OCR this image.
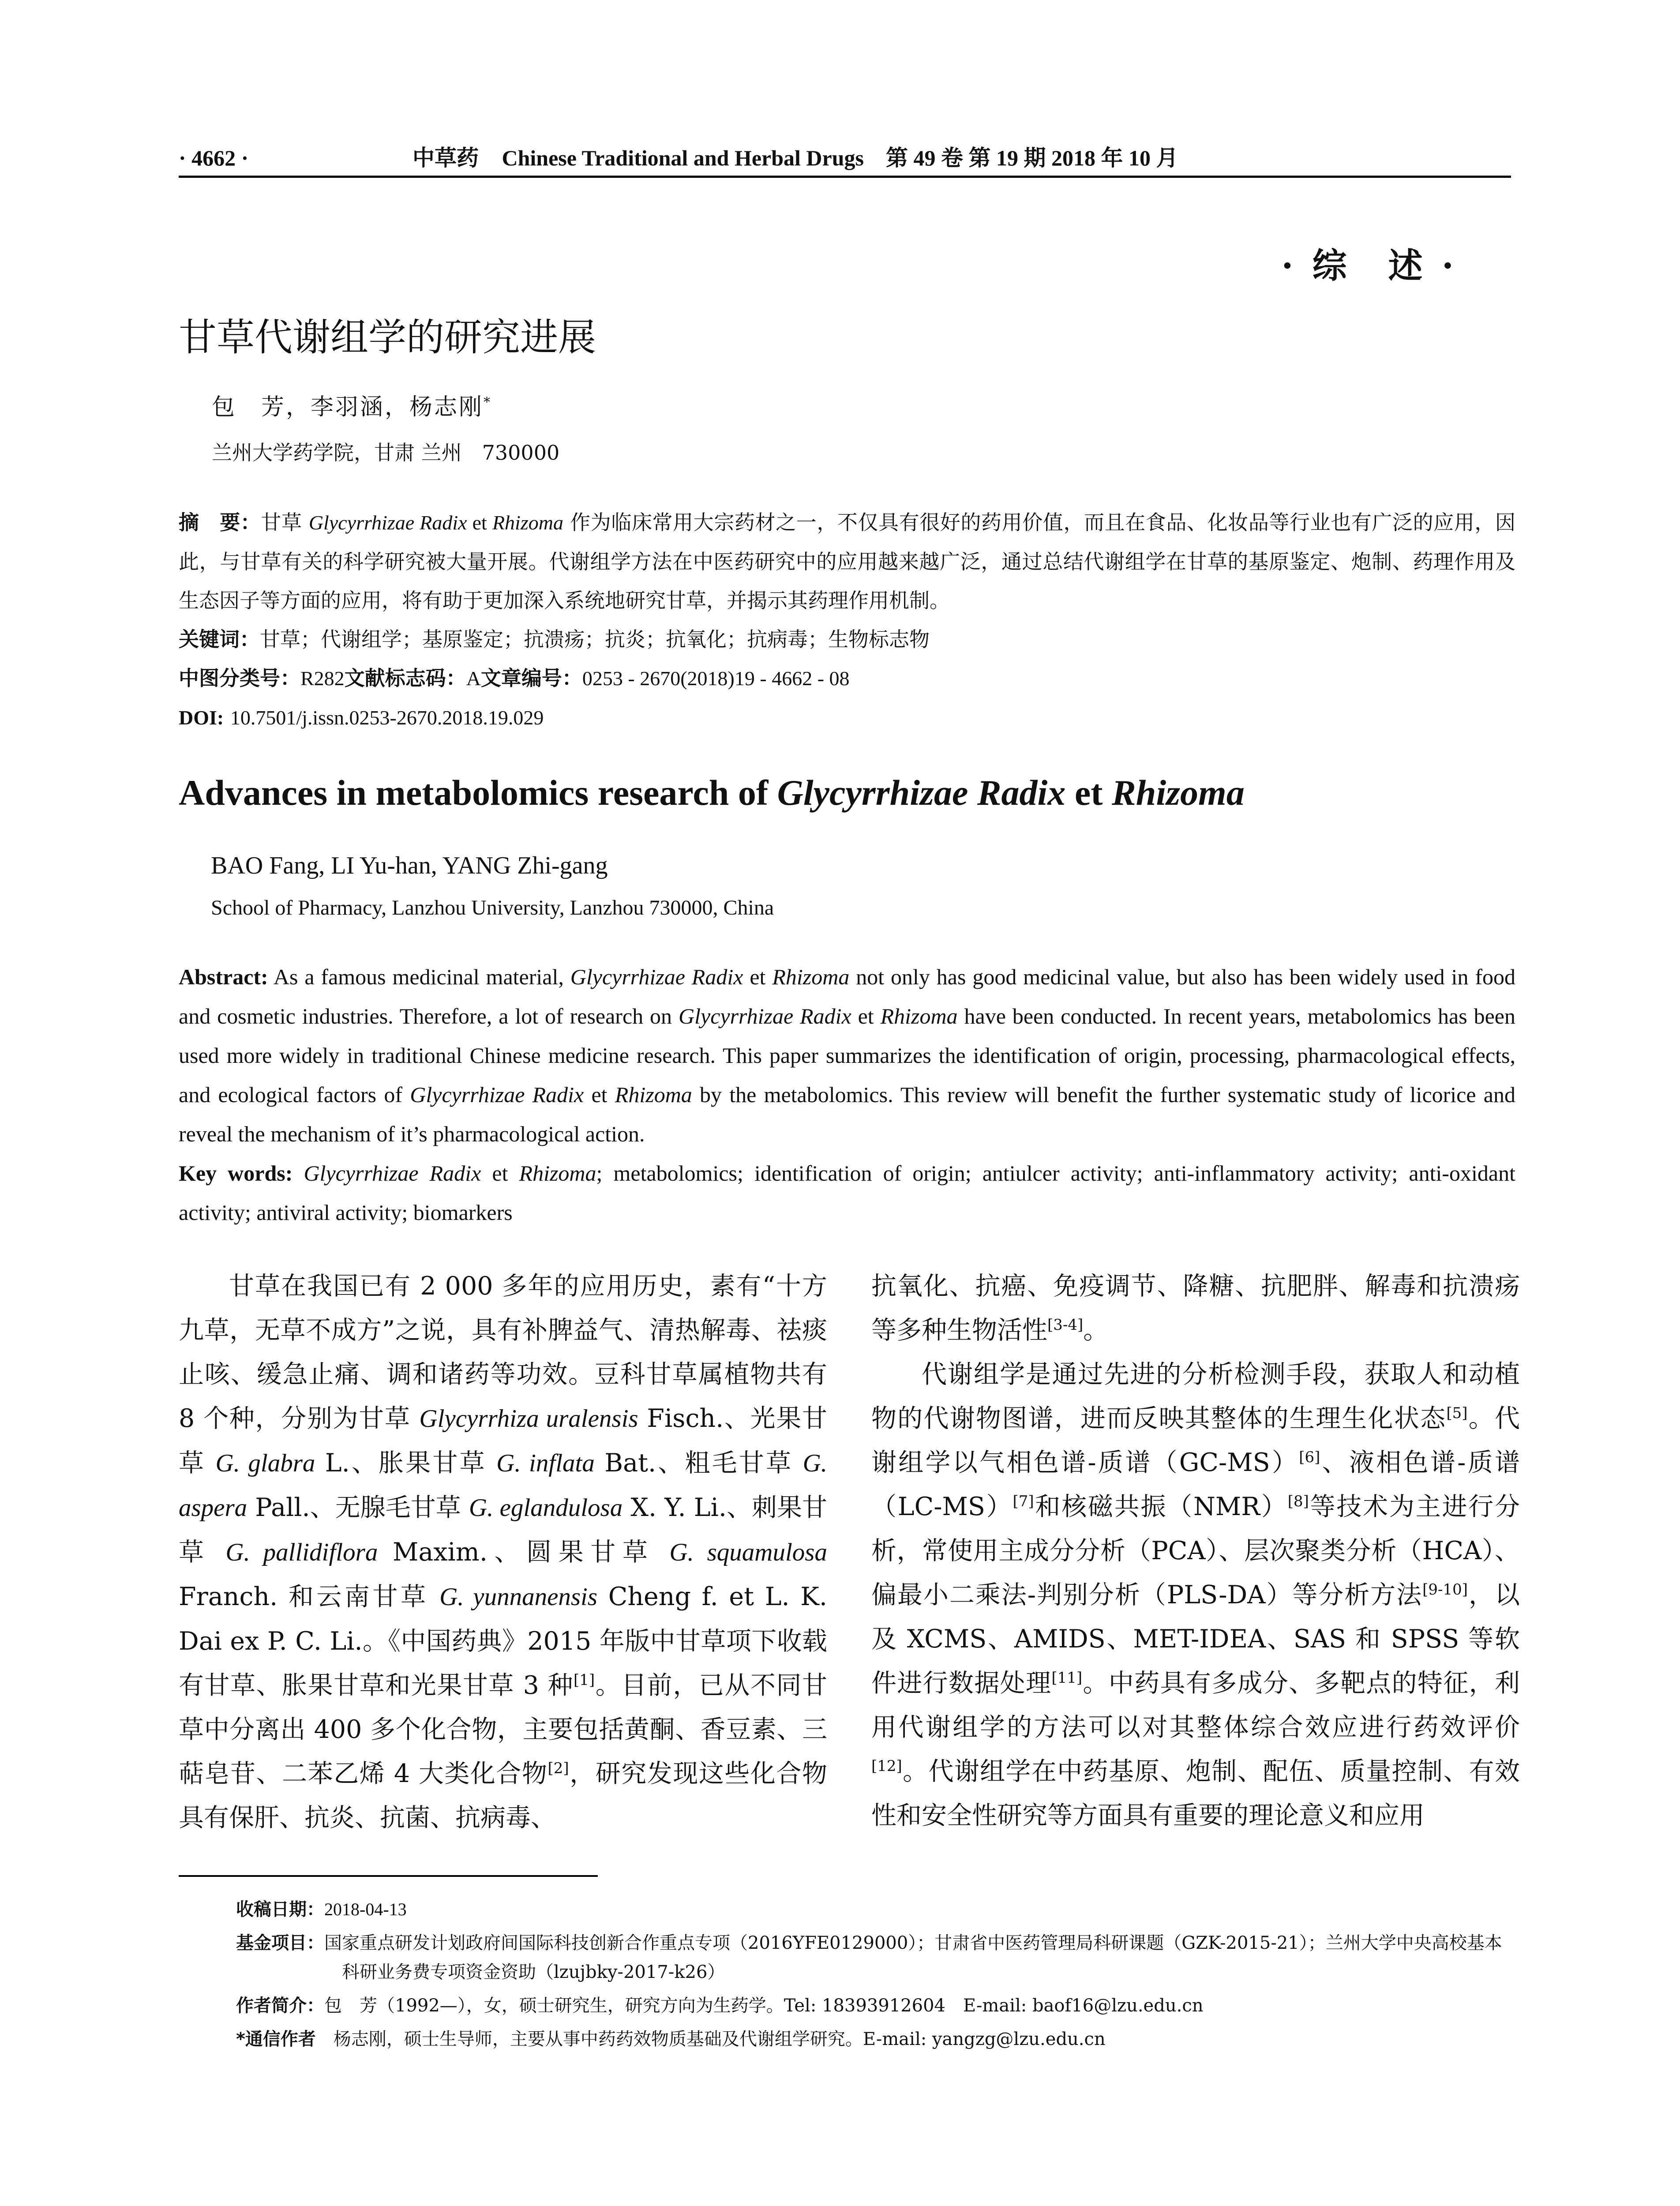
· 4662 ·	中草药 Chinese Traditional and Herbal Drugs　第 49 卷 第 19 期 2018 年 10 月
· 综　述 ·
甘草代谢组学的研究进展
包　芳，李羽涵，杨志刚*
兰州大学药学院，甘肃 兰州　730000

摘　要：甘草 Glycyrrhizae Radix et Rhizoma 作为临床常用大宗药材之一，不仅具有很好的药用价值，而且在食品、化妆品等行业也有广泛的应用，因此，与甘草有关的科学研究被大量开展。代谢组学方法在中医药研究中的应用越来越广泛，通过总结代谢组学在甘草的基原鉴定、炮制、药理作用及生态因子等方面的应用，将有助于更加深入系统地研究甘草，并揭示其药理作用机制。

关键词：甘草；代谢组学；基原鉴定；抗溃疡；抗炎；抗氧化；抗病毒；生物标志物

中图分类号：R282文献标志码：A文章编号：0253 - 2670(2018)19 - 4662 - 08

DOI: 10.7501/j.issn.0253-2670.2018.19.029

Advances in metabolomics research of Glycyrrhizae Radix et Rhizoma
BAO Fang, LI Yu-han, YANG Zhi-gang
School of Pharmacy, Lanzhou University, Lanzhou 730000, China

Abstract: As a famous medicinal material, Glycyrrhizae Radix et Rhizoma not only has good medicinal value, but also has been widely used in food and cosmetic industries. Therefore, a lot of research on Glycyrrhizae Radix et Rhizoma have been conducted. In recent years, metabolomics has been used more widely in traditional Chinese medicine research. This paper summarizes the identification of origin, processing, pharmacological effects, and ecological factors of Glycyrrhizae Radix et Rhizoma by the metabolomics. This review will benefit the further systematic study of licorice and reveal the mechanism of it’s pharmacological action.

Key words: Glycyrrhizae Radix et Rhizoma; metabolomics; identification of origin; antiulcer activity; anti-inflammatory activity; anti-oxidant activity; antiviral activity; biomarkers

甘草在我国已有 2 000 多年的应用历史，素有“十方九草，无草不成方”之说，具有补脾益气、清热解毒、祛痰止咳、缓急止痛、调和诸药等功效。豆科甘草属植物共有 8 个种，分别为甘草 Glycyrrhiza uralensis Fisch.、光果甘草 G. glabra L.、胀果甘草 G. inflata Bat.、粗毛甘草 G. aspera Pall.、无腺毛甘草 G. eglandulosa X. Y. Li.、刺果甘草 G. pallidiflora Maxim.、圆果甘草 G. squamulosa Franch. 和云南甘草 G. yunnanensis Cheng f. et L. K. Dai ex P. C. Li.。《中国药典》2015 年版中甘草项下收载有甘草、胀果甘草和光果甘草 3 种[1]。目前，已从不同甘草中分离出 400 多个化合物，主要包括黄酮、香豆素、三萜皂苷、二苯乙烯 4 大类化合物[2]，研究发现这些化合物具有保肝、抗炎、抗菌、抗病毒、

抗氧化、抗癌、免疫调节、降糖、抗肥胖、解毒和抗溃疡等多种生物活性[3-4]。

代谢组学是通过先进的分析检测手段，获取人和动植物的代谢物图谱，进而反映其整体的生理生化状态[5]。代谢组学以气相色谱-质谱（GC-MS）[6]、液相色谱-质谱（LC-MS）[7]和核磁共振（NMR）[8]等技术为主进行分析，常使用主成分分析（PCA）、层次聚类分析（HCA）、偏最小二乘法-判别分析（PLS-DA）等分析方法[9-10]，以及 XCMS、AMIDS、MET-IDEA、SAS 和 SPSS 等软件进行数据处理[11]。中药具有多成分、多靶点的特征，利用代谢组学的方法可以对其整体综合效应进行药效评价[12]。代谢组学在中药基原、炮制、配伍、质量控制、有效性和安全性研究等方面具有重要的理论意义和应用

收稿日期：2018-04-13

基金项目：国家重点研发计划政府间国际科技创新合作重点专项（2016YFE0129000）；甘肃省中医药管理局科研课题（GZK-2015-21）；兰州大学中央高校基本科研业务费专项资金资助（lzujbky-2017-k26）

作者简介：包　芳（1992—），女，硕士研究生，研究方向为生药学。Tel: 18393912604　E-mail: baof16@lzu.edu.cn

*通信作者　 杨志刚，硕士生导师，主要从事中药药效物质基础及代谢组学研究。E-mail: yangzg@lzu.edu.cn
